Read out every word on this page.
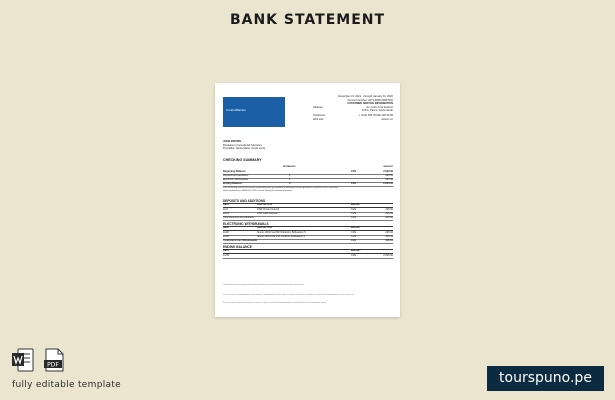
BANK STATEMENT
ContentBankia
December 31, 2021 · through January 01, 2020
Account Number: 2074-9966-00657632
CUSTOMER SERVICE INFORMATION
Address:	Av. Colón 5 de Febrero
125 A, Pasco, Costa Verde
Telephone:	+ (123) 456 78 900 100 96 99
Web site:	www.fc.co
JOHN BROWN
Brookdeno Consulta Elí Samicore
Proviteller, Santa Maria, Costa verde
CHECKING SUMMARY
INSTANCES	AMOUNT
Beginning Balance	CVE	2,000.00
Deposits and additions	2	425.50
Electronic Withdrawals	2	545.50
Ending Balance	4	CVE	2,825.00
Your Checking account has been waived because you made the following Checking Balance of $500.00 for a minimum checking balance of $300.00 CVE or more during the statement period.
DEPOSITS AND ADDITIONS
DATE	DESCRIPTION	AMOUNT
11/3	ATM Check Deposit	CVE	225.00
11/13	ATM Cash Deposit	CVE	200.50
Total Deposits and Additions	CVE	425.50
ELECTRONIC WITHDRAWALS
DATE	DESCRIPTION	AMOUNT
11/20	Suicio 10/02 Ga 803 Dofatdom Bofleasion 5	CVE	225.00
11/26	Suicio 10/14 Dat 253 Gofabon Bofleasion 5	CVE	320.50
Total Electronic Withdrawals	CVE	545.50
ENDING BALANCE
DATE	AMOUNT
11/30	CVE	2,825.00
The statement was originally printed in this format for your records and information about your account.
In case of errors or questions about your electronic funds transfers: call or write us at the phone number or address on the front of this statement as soon as you can.
If you think your statement or receipt is incorrect or if you need more information about a transfer listed on the statement or receipt.
PDF
fully editable template	tourspuno.pe
